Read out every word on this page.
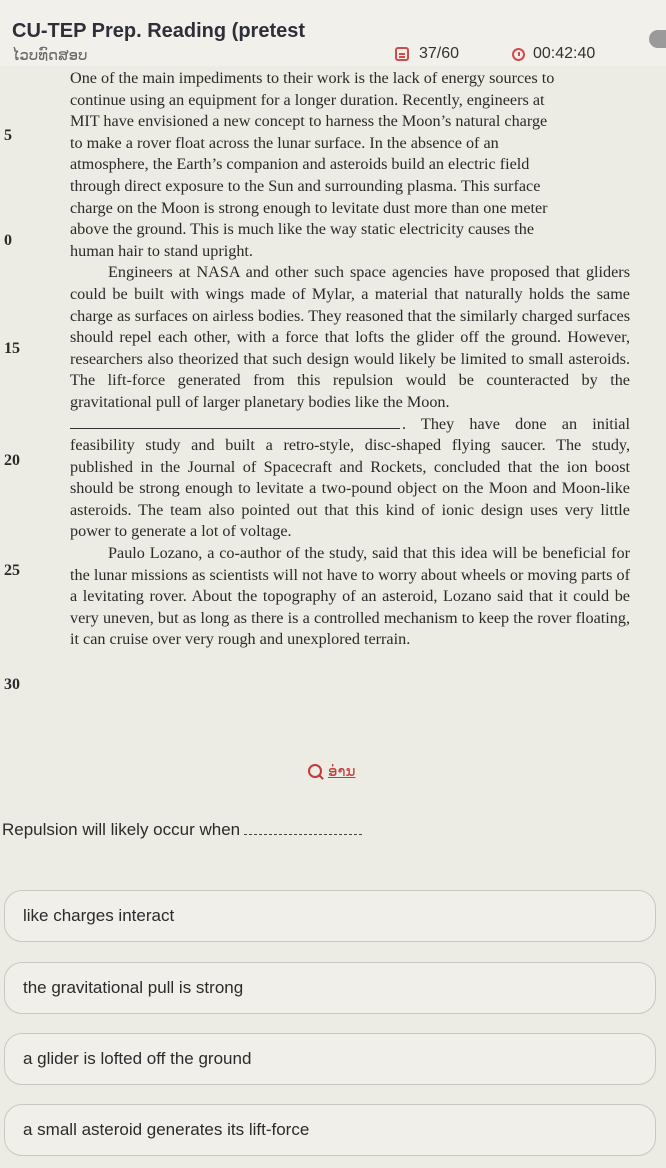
CU-TEP Prep. Reading (pretest
ໄວບທົດສອບ	37/60	00:42:40

One of the main impediments to their work is the lack of energy sources to

continue using an equipment for a longer duration. Recently, engineers at

MIT have envisioned a new concept to harness the Moon’s natural charge

to make a rover float across the lunar surface. In the absence of an

atmosphere, the Earth’s companion and asteroids build an electric field

through direct exposure to the Sun and surrounding plasma. This surface

charge on the Moon is strong enough to levitate dust more than one meter

above the ground. This is much like the way static electricity causes the

human hair to stand upright.

Engineers at NASA and other such space agencies have proposed that gliders could be built with wings made of Mylar, a material that naturally holds the same charge as surfaces on airless bodies. They reasoned that the similarly charged surfaces should repel each other, with a force that lofts the glider off the ground. However, researchers also theorized that such design would likely be limited to small asteroids. The lift-force generated from this repulsion would be counteracted by the gravitational pull of larger planetary bodies like the Moon.

. They have done an initial feasibility study and built a retro-style, disc-shaped flying saucer. The study, published in the Journal of Spacecraft and Rockets, concluded that the ion boost should be strong enough to levitate a two-pound object on the Moon and Moon-like asteroids. The team also pointed out that this kind of ionic design uses very little power to generate a lot of voltage.

Paulo Lozano, a co-author of the study, said that this idea will be beneficial for the lunar missions as scientists will not have to worry about wheels or moving parts of a levitating rover. About the topography of an asteroid, Lozano said that it could be very uneven, but as long as there is a controlled mechanism to keep the rover floating, it can cruise over very rough and unexplored terrain.

5
0
15
20
25
30
ອ່ານ
Repulsion will likely occur when
like charges interact
the gravitational pull is strong
a glider is lofted off the ground
a small asteroid generates its lift-force
